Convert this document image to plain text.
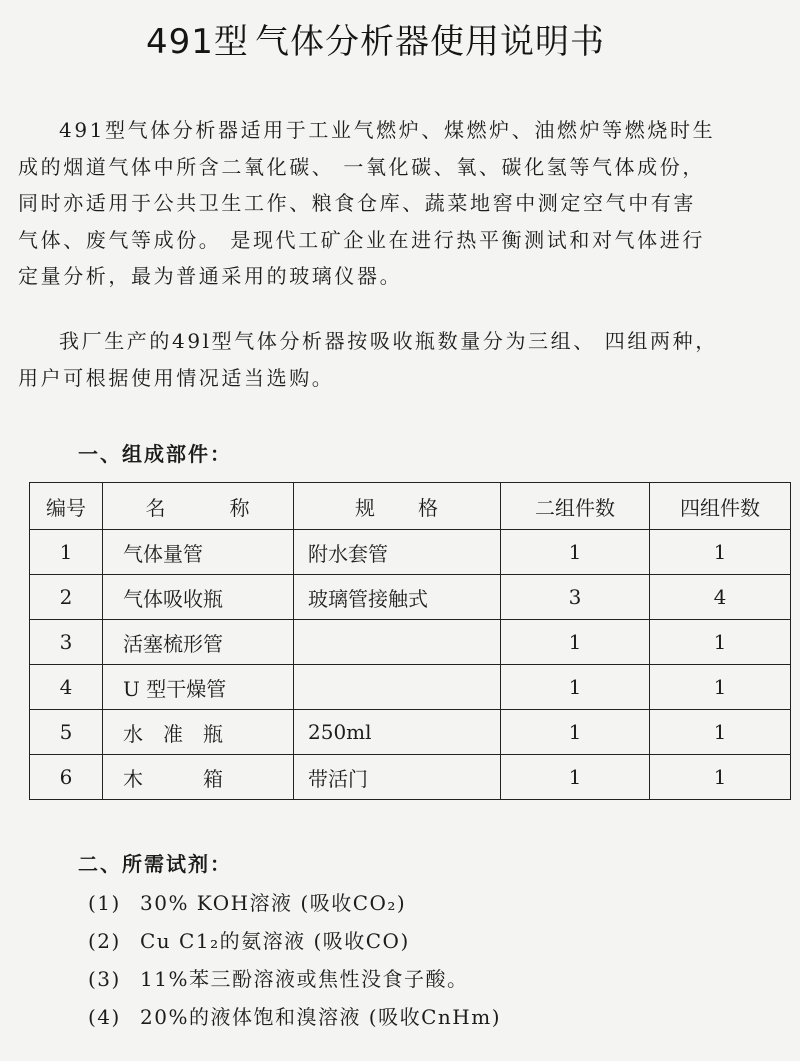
491型 气体分析器使用说明书

491型气体分析器适用于工业气燃炉、煤燃炉、油燃炉等燃烧时生
成的烟道气体中所含二氧化碳、 一氧化碳、氧、碳化氢等气体成份，
同时亦适用于公共卫生工作、粮食仓库、蔬菜地窖中测定空气中有害
气体、废气等成份。 是现代工矿企业在进行热平衡测试和对气体进行
定量分析，最为普通采用的玻璃仪器。

我厂生产的49l型气体分析器按吸收瓶数量分为三组、 四组两种，
用户可根据使用情况适当选购。

一、组成部件：
编号	名　　　称	规　　格	二组件数	四组件数
1	气体量管	附水套管	1	1
2	气体吸收瓶	玻璃管接触式	3	4
3	活塞梳形管		1	1
4	U 型干燥管		1	1
5	水　准　瓶	250ml	1	1
6	木　　　箱	带活门	1	1
二、所需试剂：
(1) 30% KOH溶液 (吸收CO₂)
(2) Cu C1₂的氨溶液 (吸收CO)
(3) 11%苯三酚溶液或焦性没食子酸。
(4) 20%的液体饱和溴溶液 (吸收CnHm)
